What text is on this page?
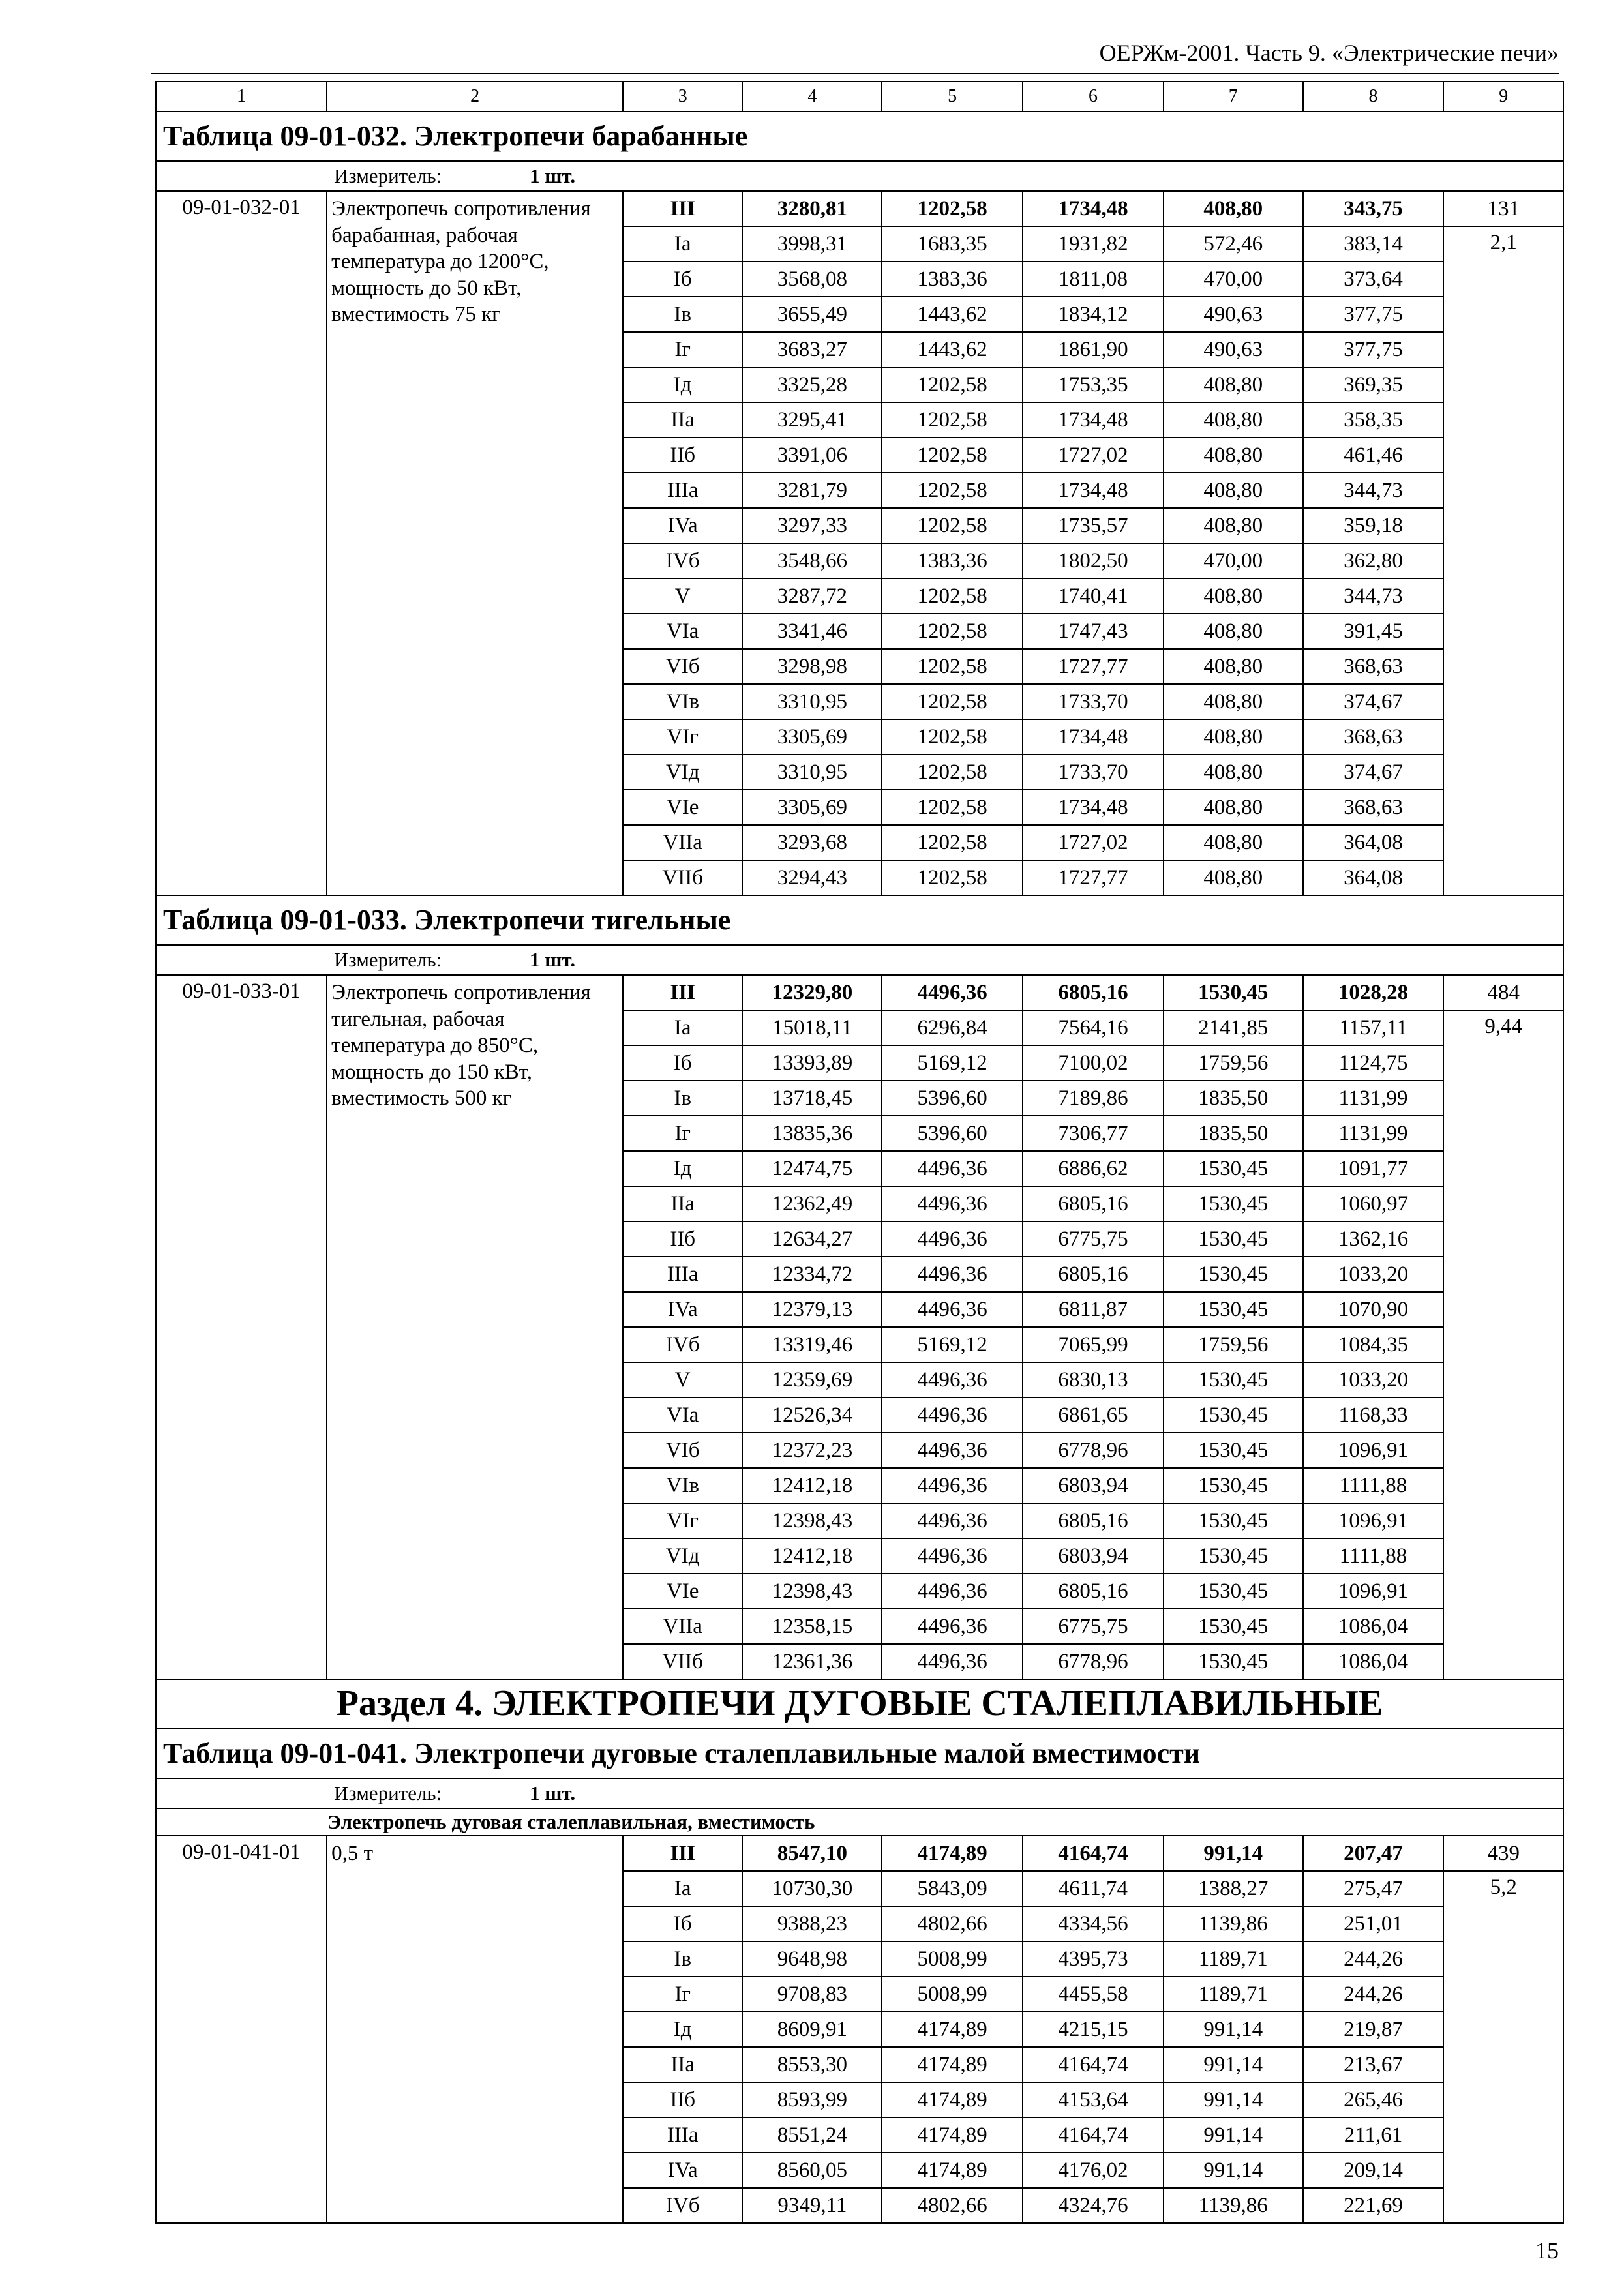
ОЕРЖм-2001. Часть 9. «Электрические печи»
1	2	3	4	5	6	7	8	9
Таблица 09-01-032. Электропечи барабанные								
Измеритель: 1 шт.								
09-01-032-01	Электропечь сопротивления барабанная, рабочая температура до 1200°С, мощность до 50 кВт, вместимость 75 кг	III	3280,81	1202,58	1734,48	408,80	343,75	131
		Ia	3998,31	1683,35	1931,82	572,46	383,14	2,1
		Iб	3568,08	1383,36	1811,08	470,00	373,64	
		Iв	3655,49	1443,62	1834,12	490,63	377,75	
		Iг	3683,27	1443,62	1861,90	490,63	377,75	
		Iд	3325,28	1202,58	1753,35	408,80	369,35	
		IIa	3295,41	1202,58	1734,48	408,80	358,35	
		IIб	3391,06	1202,58	1727,02	408,80	461,46	
		IIIa	3281,79	1202,58	1734,48	408,80	344,73	
		IVa	3297,33	1202,58	1735,57	408,80	359,18	
		IVб	3548,66	1383,36	1802,50	470,00	362,80	
		V	3287,72	1202,58	1740,41	408,80	344,73	
		VIa	3341,46	1202,58	1747,43	408,80	391,45	
		VIб	3298,98	1202,58	1727,77	408,80	368,63	
		VIв	3310,95	1202,58	1733,70	408,80	374,67	
		VIг	3305,69	1202,58	1734,48	408,80	368,63	
		VIд	3310,95	1202,58	1733,70	408,80	374,67	
		VIe	3305,69	1202,58	1734,48	408,80	368,63	
		VIIa	3293,68	1202,58	1727,02	408,80	364,08	
		VIIб	3294,43	1202,58	1727,77	408,80	364,08	
Таблица 09-01-033. Электропечи тигельные								
Измеритель: 1 шт.								
09-01-033-01	Электропечь сопротивления тигельная, рабочая температура до 850°С, мощность до 150 кВт, вместимость 500 кг	III	12329,80	4496,36	6805,16	1530,45	1028,28	484
		Ia	15018,11	6296,84	7564,16	2141,85	1157,11	9,44
		Iб	13393,89	5169,12	7100,02	1759,56	1124,75	
		Iв	13718,45	5396,60	7189,86	1835,50	1131,99	
		Iг	13835,36	5396,60	7306,77	1835,50	1131,99	
		Iд	12474,75	4496,36	6886,62	1530,45	1091,77	
		IIa	12362,49	4496,36	6805,16	1530,45	1060,97	
		IIб	12634,27	4496,36	6775,75	1530,45	1362,16	
		IIIa	12334,72	4496,36	6805,16	1530,45	1033,20	
		IVa	12379,13	4496,36	6811,87	1530,45	1070,90	
		IVб	13319,46	5169,12	7065,99	1759,56	1084,35	
		V	12359,69	4496,36	6830,13	1530,45	1033,20	
		VIa	12526,34	4496,36	6861,65	1530,45	1168,33	
		VIб	12372,23	4496,36	6778,96	1530,45	1096,91	
		VIв	12412,18	4496,36	6803,94	1530,45	1111,88	
		VIг	12398,43	4496,36	6805,16	1530,45	1096,91	
		VIд	12412,18	4496,36	6803,94	1530,45	1111,88	
		VIe	12398,43	4496,36	6805,16	1530,45	1096,91	
		VIIa	12358,15	4496,36	6775,75	1530,45	1086,04	
		VIIб	12361,36	4496,36	6778,96	1530,45	1086,04	
Раздел 4. ЭЛЕКТРОПЕЧИ ДУГОВЫЕ СТАЛЕПЛАВИЛЬНЫЕ								
Таблица 09-01-041. Электропечи дуговые сталеплавильные малой вместимости								
Измеритель: 1 шт.								
Электропечь дуговая сталеплавильная, вместимость								
09-01-041-01	0,5 т	III	8547,10	4174,89	4164,74	991,14	207,47	439
		Ia	10730,30	5843,09	4611,74	1388,27	275,47	5,2
		Iб	9388,23	4802,66	4334,56	1139,86	251,01	
		Iв	9648,98	5008,99	4395,73	1189,71	244,26	
		Iг	9708,83	5008,99	4455,58	1189,71	244,26	
		Iд	8609,91	4174,89	4215,15	991,14	219,87	
		IIa	8553,30	4174,89	4164,74	991,14	213,67	
		IIб	8593,99	4174,89	4153,64	991,14	265,46	
		IIIa	8551,24	4174,89	4164,74	991,14	211,61	
		IVa	8560,05	4174,89	4176,02	991,14	209,14	
		IVб	9349,11	4802,66	4324,76	1139,86	221,69	
15
